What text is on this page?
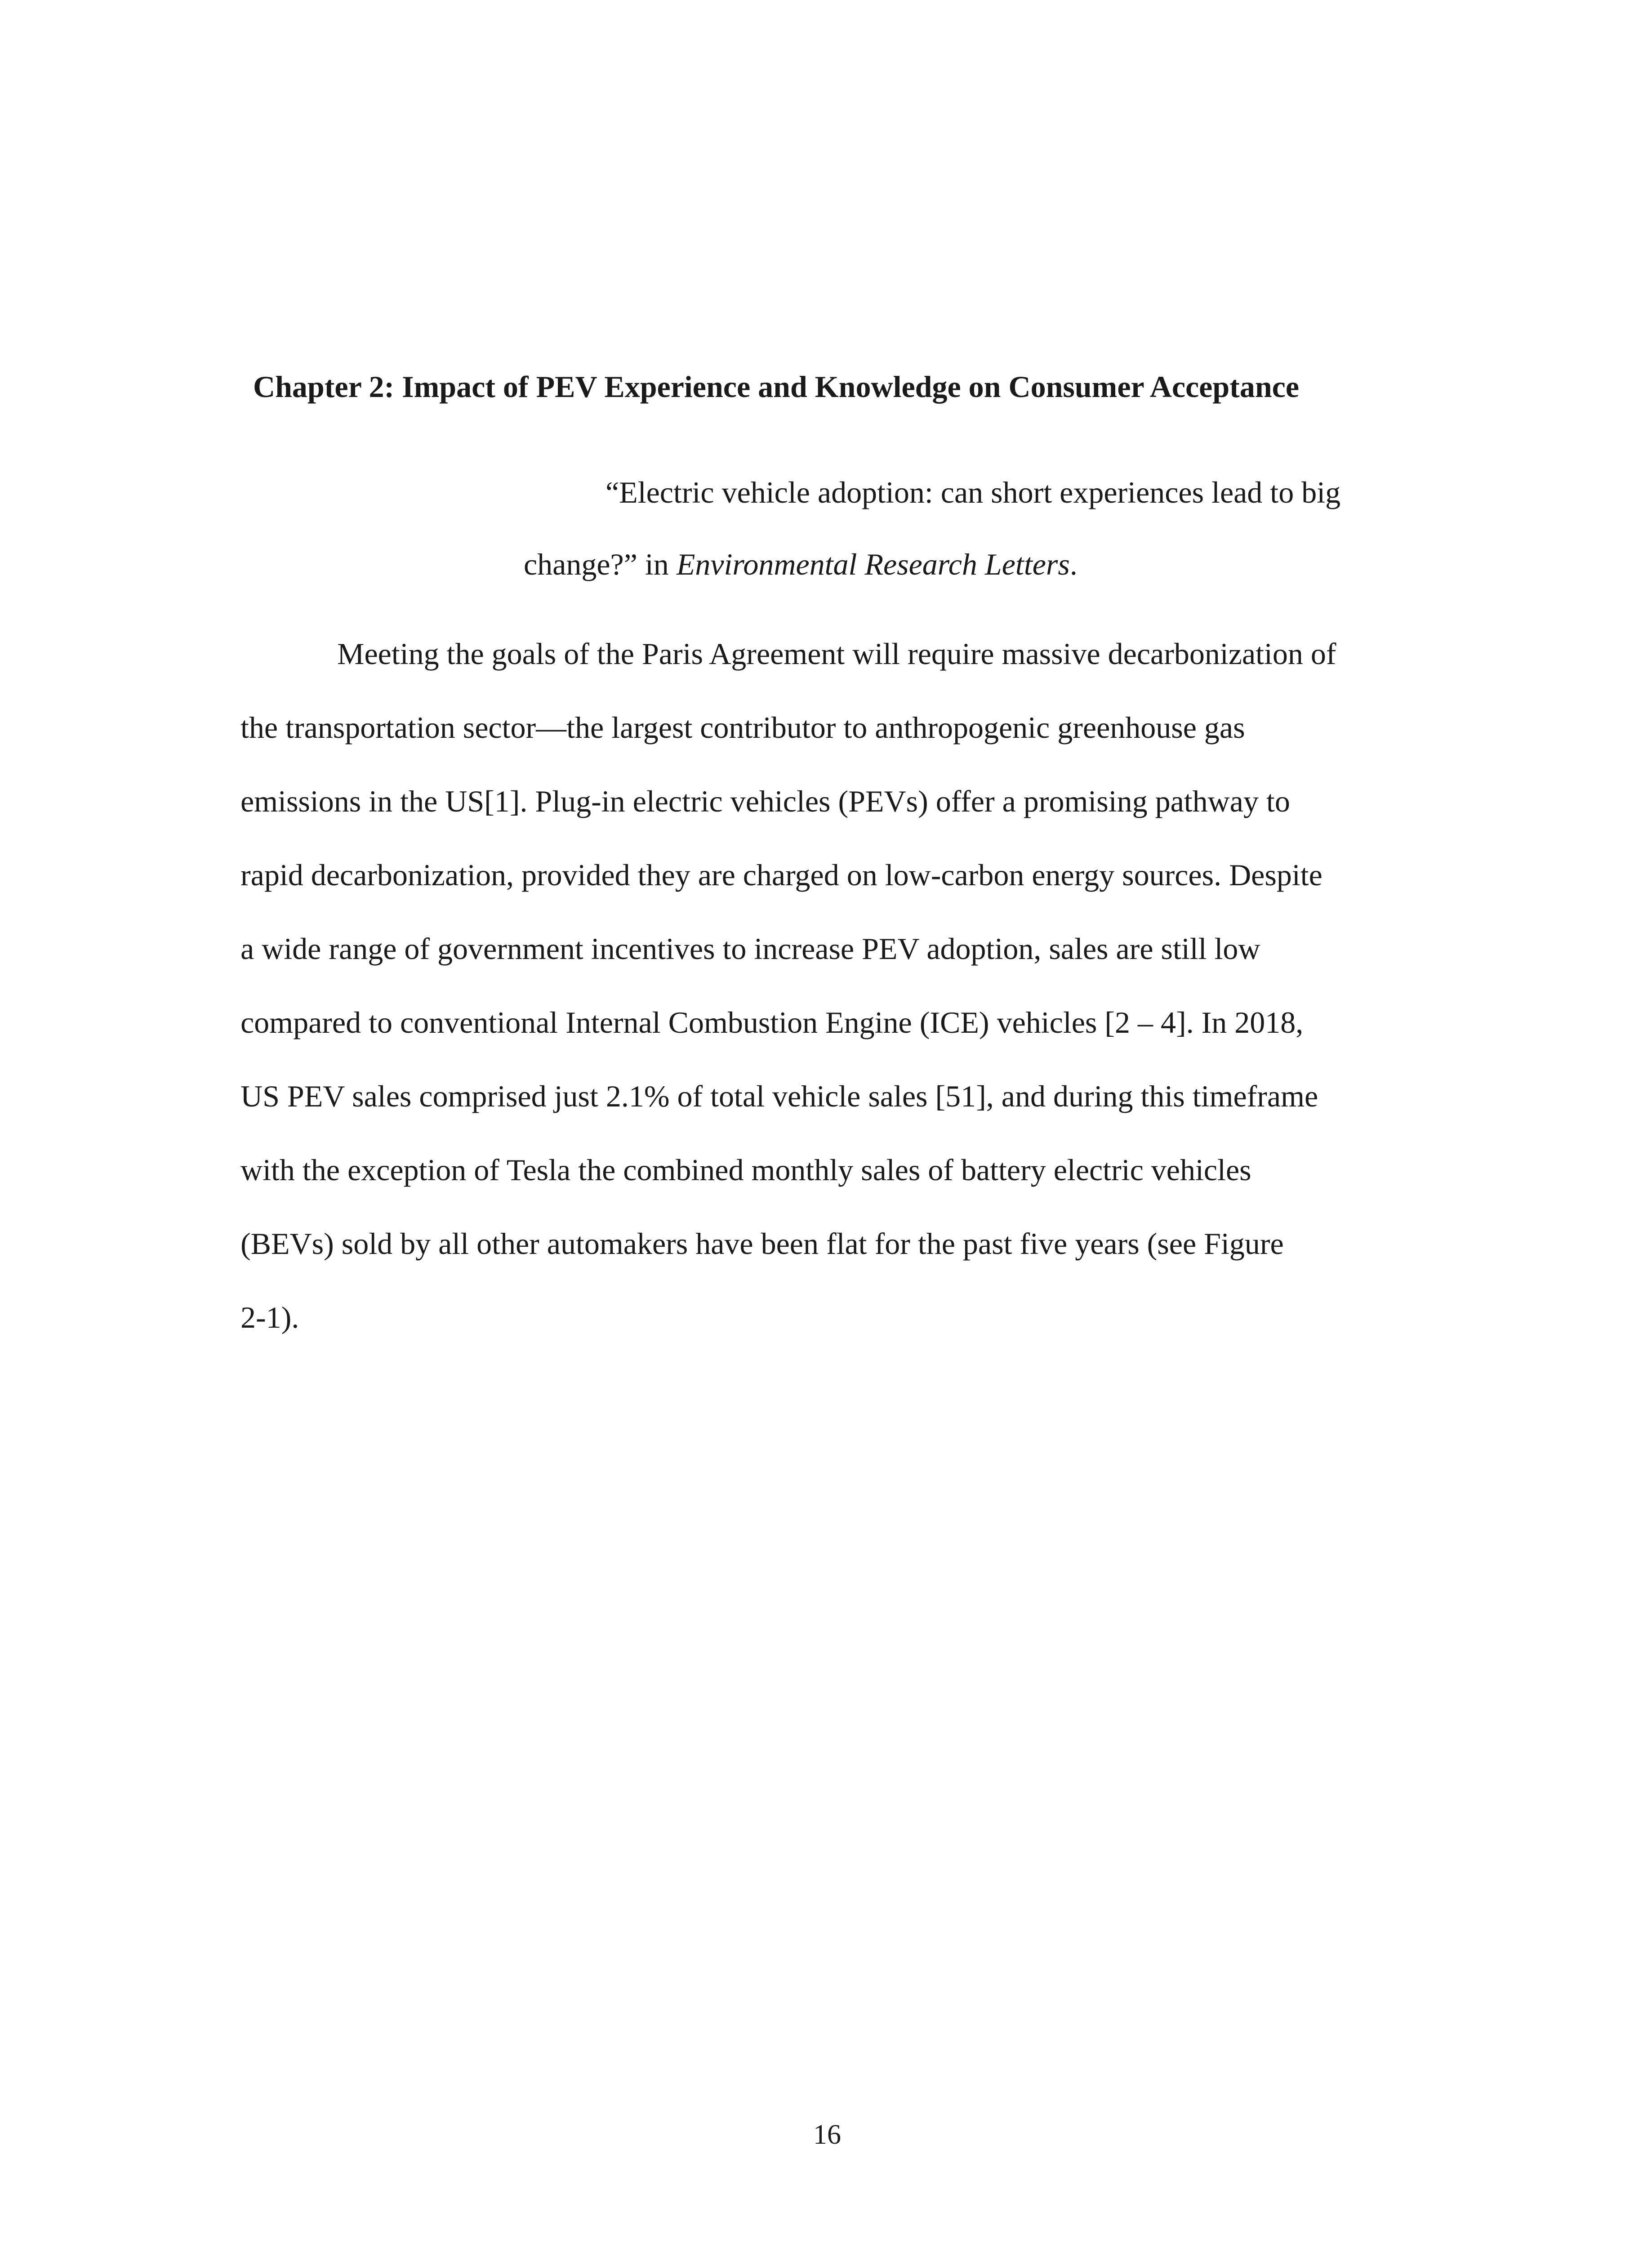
Chapter 2: Impact of PEV Experience and Knowledge on Consumer Acceptance

“Electric vehicle adoption: can short experiences lead to big

change?” in Environmental Research Letters.

Meeting the goals of the Paris Agreement will require massive decarbonization of
the transportation sector—the largest contributor to anthropogenic greenhouse gas
emissions in the US[1]. Plug-in electric vehicles (PEVs) offer a promising pathway to
rapid decarbonization, provided they are charged on low-carbon energy sources. Despite
a wide range of government incentives to increase PEV adoption, sales are still low
compared to conventional Internal Combustion Engine (ICE) vehicles [2 – 4]. In 2018,
US PEV sales comprised just 2.1% of total vehicle sales [51], and during this timeframe
with the exception of Tesla the combined monthly sales of battery electric vehicles
(BEVs) sold by all other automakers have been flat for the past five years (see Figure
2-1).
16
